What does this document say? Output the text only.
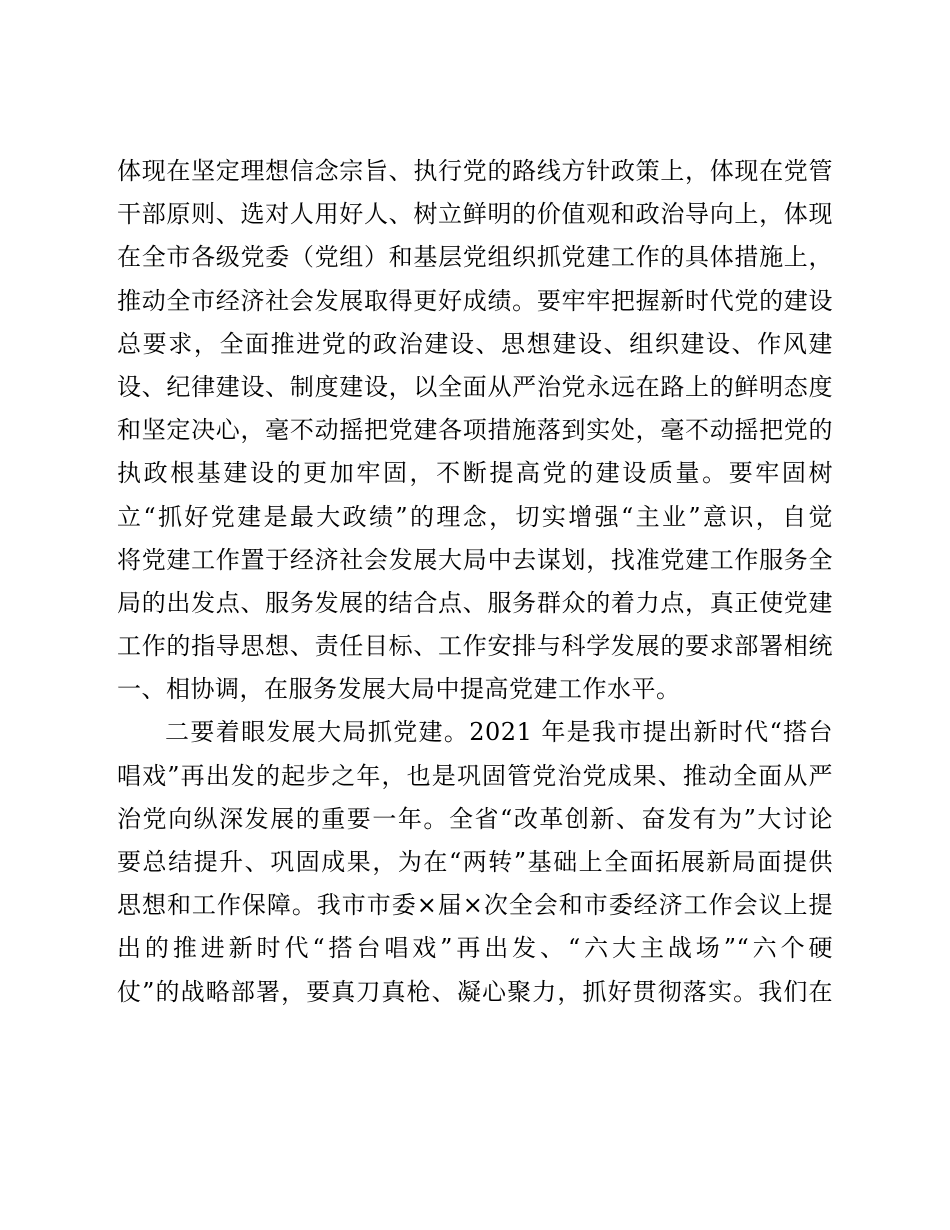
体现在坚定理想信念宗旨、执行党的路线方针政策上，体现在党管
干部原则、选对人用好人、树立鲜明的价值观和政治导向上，体现
在全市各级党委（党组）和基层党组织抓党建工作的具体措施上，
推动全市经济社会发展取得更好成绩。要牢牢把握新时代党的建设
总要求，全面推进党的政治建设、思想建设、组织建设、作风建
设、纪律建设、制度建设，以全面从严治党永远在路上的鲜明态度
和坚定决心，毫不动摇把党建各项措施落到实处，毫不动摇把党的
执政根基建设的更加牢固，不断提高党的建设质量。要牢固树
立“抓好党建是最大政绩”的理念，切实增强“主业”意识，自觉
将党建工作置于经济社会发展大局中去谋划，找准党建工作服务全
局的出发点、服务发展的结合点、服务群众的着力点，真正使党建
工作的指导思想、责任目标、工作安排与科学发展的要求部署相统
一、相协调，在服务发展大局中提高党建工作水平。
二要着眼发展大局抓党建。2021 年是我市提出新时代“搭台
唱戏”再出发的起步之年，也是巩固管党治党成果、推动全面从严
治党向纵深发展的重要一年。全省“改革创新、奋发有为”大讨论
要总结提升、巩固成果，为在“两转”基础上全面拓展新局面提供
思想和工作保障。我市市委×届×次全会和市委经济工作会议上提
出的推进新时代“搭台唱戏”再出发、“六大主战场”“六个硬
仗”的战略部署，要真刀真枪、凝心聚力，抓好贯彻落实。我们在
